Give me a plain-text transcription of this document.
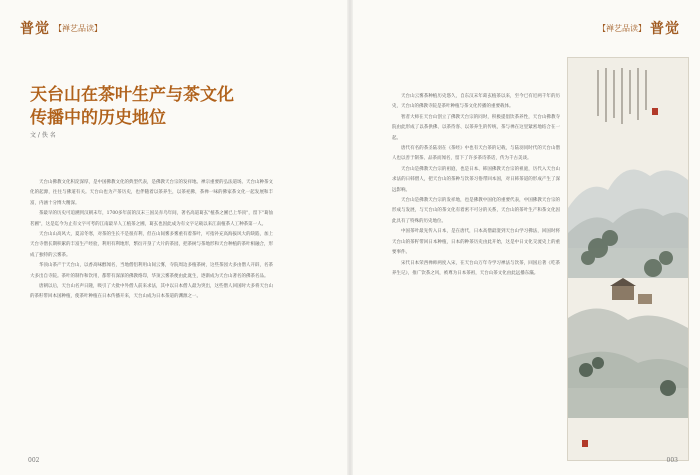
普觉 【禅艺品读】

天台山在茶叶生产与茶文化

传播中的历史地位

文 / 佚 名

天台山佛教文化积淀深厚，是中国佛教文化的典型代表，是佛教天台宗的发祥地。禅宗重要的弘法道场。天台山种茶文化的起源，往往与佛道有关。天台山也为产茶历史，也伴随着以茶养生，以茶祀佛，茶禅一味的佛家茶文化一起发展和丰富，内涵十分博大精深。

茶最早的历史可追溯到汉朝末年，1700多年前的汉末三国吴赤乌年间，著名高道葛玄"植茶之圃已上华顶"，留下"葛仙茗圃"，这是迄今为止有文字可考的江南最早人工植茶之圃，葛玄也因此成为有文字记载以来江南植茶人工种茶第一人。

天台山山高风大，夏凉冬寒，对茶的生长不是很有利，但在山间雾多雾重有着茶叶，可指补充高海拔风大的缺陷，加上天台寺僧长期积累的丰富生产经验，利用有利地形，繁衍开垦了大片的茶园，把茶树与茶地形和天台种植的茶叶相融合，形成了独特的云雾茶。

华顶山茶产于天台山，以香高味醇闻名，当地僧侣利用山间云雾，寺院周边多植茶树，这些茶园大多由僧人开辟，名茶大多出自寺院。茶叶的制作和饮用，都带有深深的佛教烙印，华顶云雾茶便由此诞生，逐渐成为天台山著名的佛茶名品。

唐朝以后，天台山名声日隆，吸引了大批中外僧人前来求法，其中以日本僧人最为突出，这些僧人回国时大多将天台山的茶籽带回本国种植，使茶叶种植在日本传播开来，天台山成为日本茶道的渊源之一。

002
【禅艺品读】 普觉

天台山云雾茶种植历史悠久，自东汉末年葛玄植茶以来，至今已有近两千年的历史，天台山的佛教寺院是茶叶种植与茶文化传播的重要载体。

智者大师在天台山创立了佛教天台宗的同时，积极提倡饮茶养性，天台山佛教寺院由此形成了以茶供佛、以茶待客、以茶养生的传统，茶与禅在这里紧密地结合在一起。

唐代有名的茶圣陆羽在《茶经》中也有天台茶的记载，与陆羽同时代的天台山僧人也以善于制茶、品茶而闻名，留下了许多茶诗茶话，传为千古美谈。

天台山是佛教天台宗的祖庭，也是日本、韩国佛教天台宗的祖庭，历代入天台山求法的日韩僧人，把天台山的茶种与饮茶习俗带回本国，对日韩茶道的形成产生了深远影响。

天台山是佛教天台宗的发祥地，也是佛教中国化的重要代表，中国佛教天台宗的形成与发展，与天台山的茶文化有着密不可分的关系，天台山的茶叶生产和茶文化因此具有了特殊的历史地位。

中国茶叶最先传入日本，是在唐代，日本高僧最澄到天台山学习佛法，回国时将天台山的茶籽带回日本种植，日本的种茶历史由此开始，这是中日文化交流史上的重要事件。

宋代日本荣西禅师两度入宋，在天台山万年寺学习禅法与饮茶，回国后著《吃茶养生记》，推广饮茶之风，被尊为日本茶祖，天台山茶文化由此远播东瀛。

003
